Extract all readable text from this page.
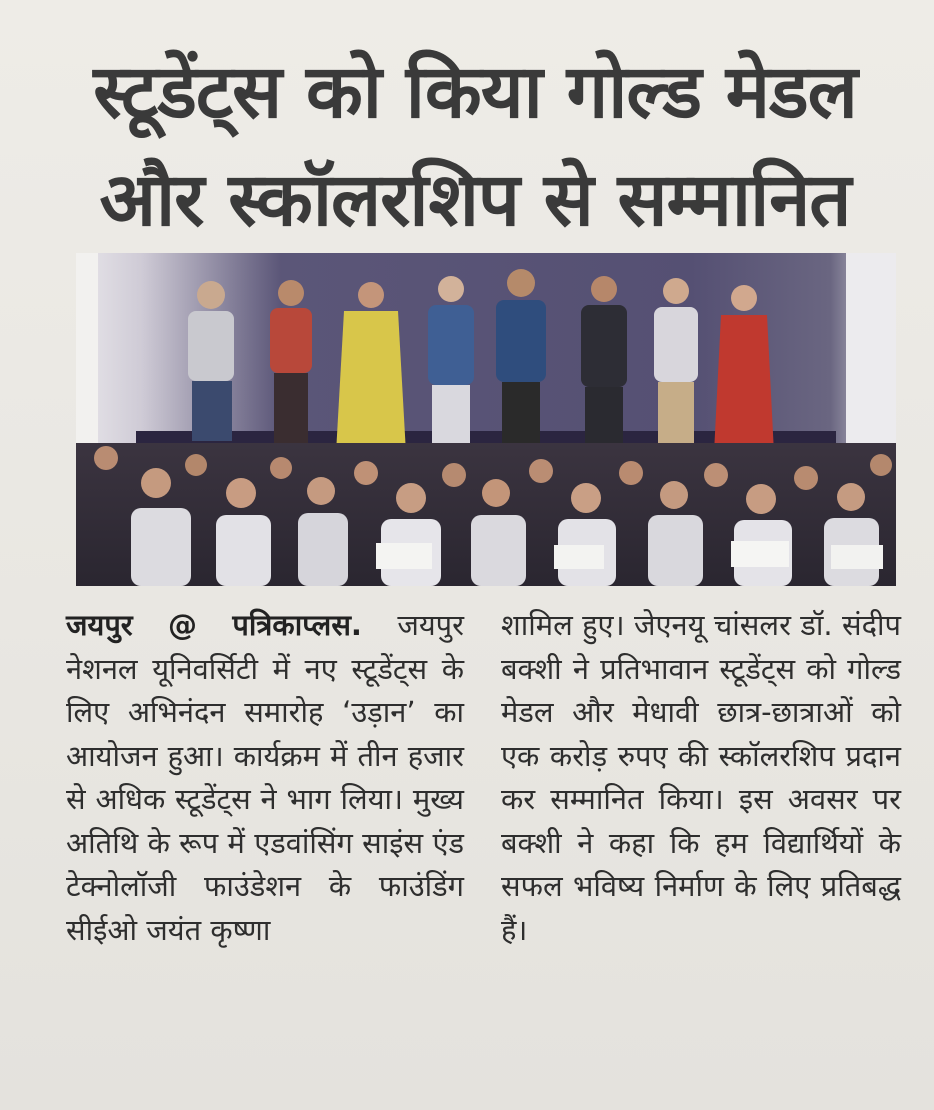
स्टूडेंट्स को किया गोल्ड मेडल
और स्कॉलरशिप से सम्मानित
जयपुर @ पत्रिकाप्लस. जयपुर नेशनल यूनिवर्सिटी में नए स्टूडेंट्स के लिए अभिनंदन समारोह ‘उड़ान’ का आयोजन हुआ। कार्यक्रम में तीन हजार से अधिक स्टूडेंट्स ने भाग लिया। मुख्य अतिथि के रूप में एडवांसिंग साइंस एंड टेक्नोलॉजी फाउंडेशन के फाउंडिंग सीईओ जयंत कृष्णा
शामिल हुए। जेएनयू चांसलर डॉ. संदीप बक्शी ने प्रतिभावान स्टूडेंट्स को गोल्ड मेडल और मेधावी छात्र-छात्राओं को एक करोड़ रुपए की स्कॉलरशिप प्रदान कर सम्मानित किया। इस अवसर पर बक्शी ने कहा कि हम विद्यार्थियों के सफल भविष्य निर्माण के लिए प्रतिबद्ध हैं।
